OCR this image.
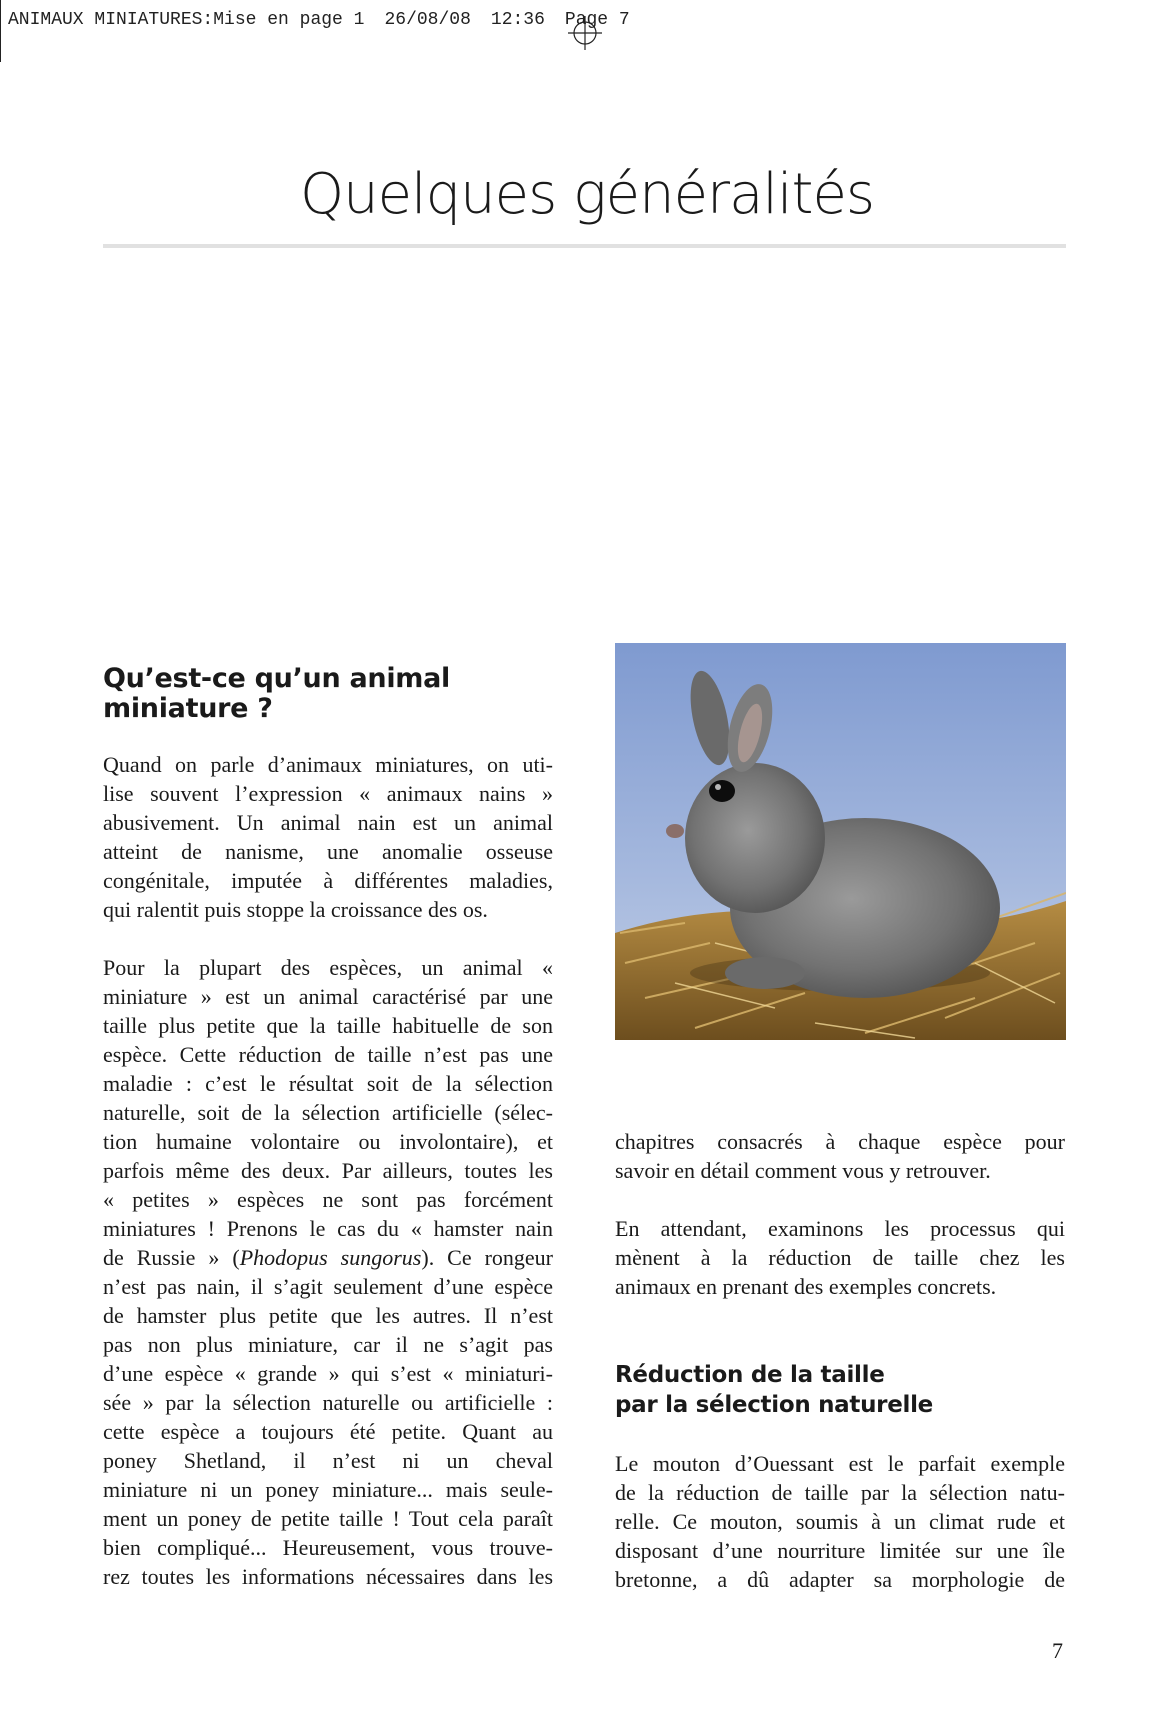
ANIMAUX MINIATURES:Mise en page 1 26/08/08 12:36 Page 7
Quelques généralités
Qu’est-ce qu’un animal
miniature ?
Quand on parle d’animaux miniatures, on uti-
lise souvent l’expression « animaux nains »
abusivement. Un animal nain est un animal
atteint de nanisme, une anomalie osseuse
congénitale, imputée à différentes maladies,
qui ralentit puis stoppe la croissance des os.
Pour la plupart des espèces, un animal «
miniature » est un animal caractérisé par une
taille plus petite que la taille habituelle de son
espèce. Cette réduction de taille n’est pas une
maladie : c’est le résultat soit de la sélection
naturelle, soit de la sélection artificielle (sélec-
tion humaine volontaire ou involontaire), et
parfois même des deux. Par ailleurs, toutes les
« petites » espèces ne sont pas forcément
miniatures ! Prenons le cas du « hamster nain
de Russie » (Phodopus sungorus). Ce rongeur
n’est pas nain, il s’agit seulement d’une espèce
de hamster plus petite que les autres. Il n’est
pas non plus miniature, car il ne s’agit pas
d’une espèce « grande » qui s’est « miniaturi-
sée » par la sélection naturelle ou artificielle :
cette espèce a toujours été petite. Quant au
poney Shetland, il n’est ni un cheval
miniature ni un poney miniature... mais seule-
ment un poney de petite taille ! Tout cela paraît
bien compliqué... Heureusement, vous trouve-
rez toutes les informations nécessaires dans les
chapitres consacrés à chaque espèce pour
savoir en détail comment vous y retrouver.
En attendant, examinons les processus qui
mènent à la réduction de taille chez les
animaux en prenant des exemples concrets.
Réduction de la taille
par la sélection naturelle
Le mouton d’Ouessant est le parfait exemple
de la réduction de taille par la sélection natu-
relle. Ce mouton, soumis à un climat rude et
disposant d’une nourriture limitée sur une île
bretonne, a dû adapter sa morphologie de
7
